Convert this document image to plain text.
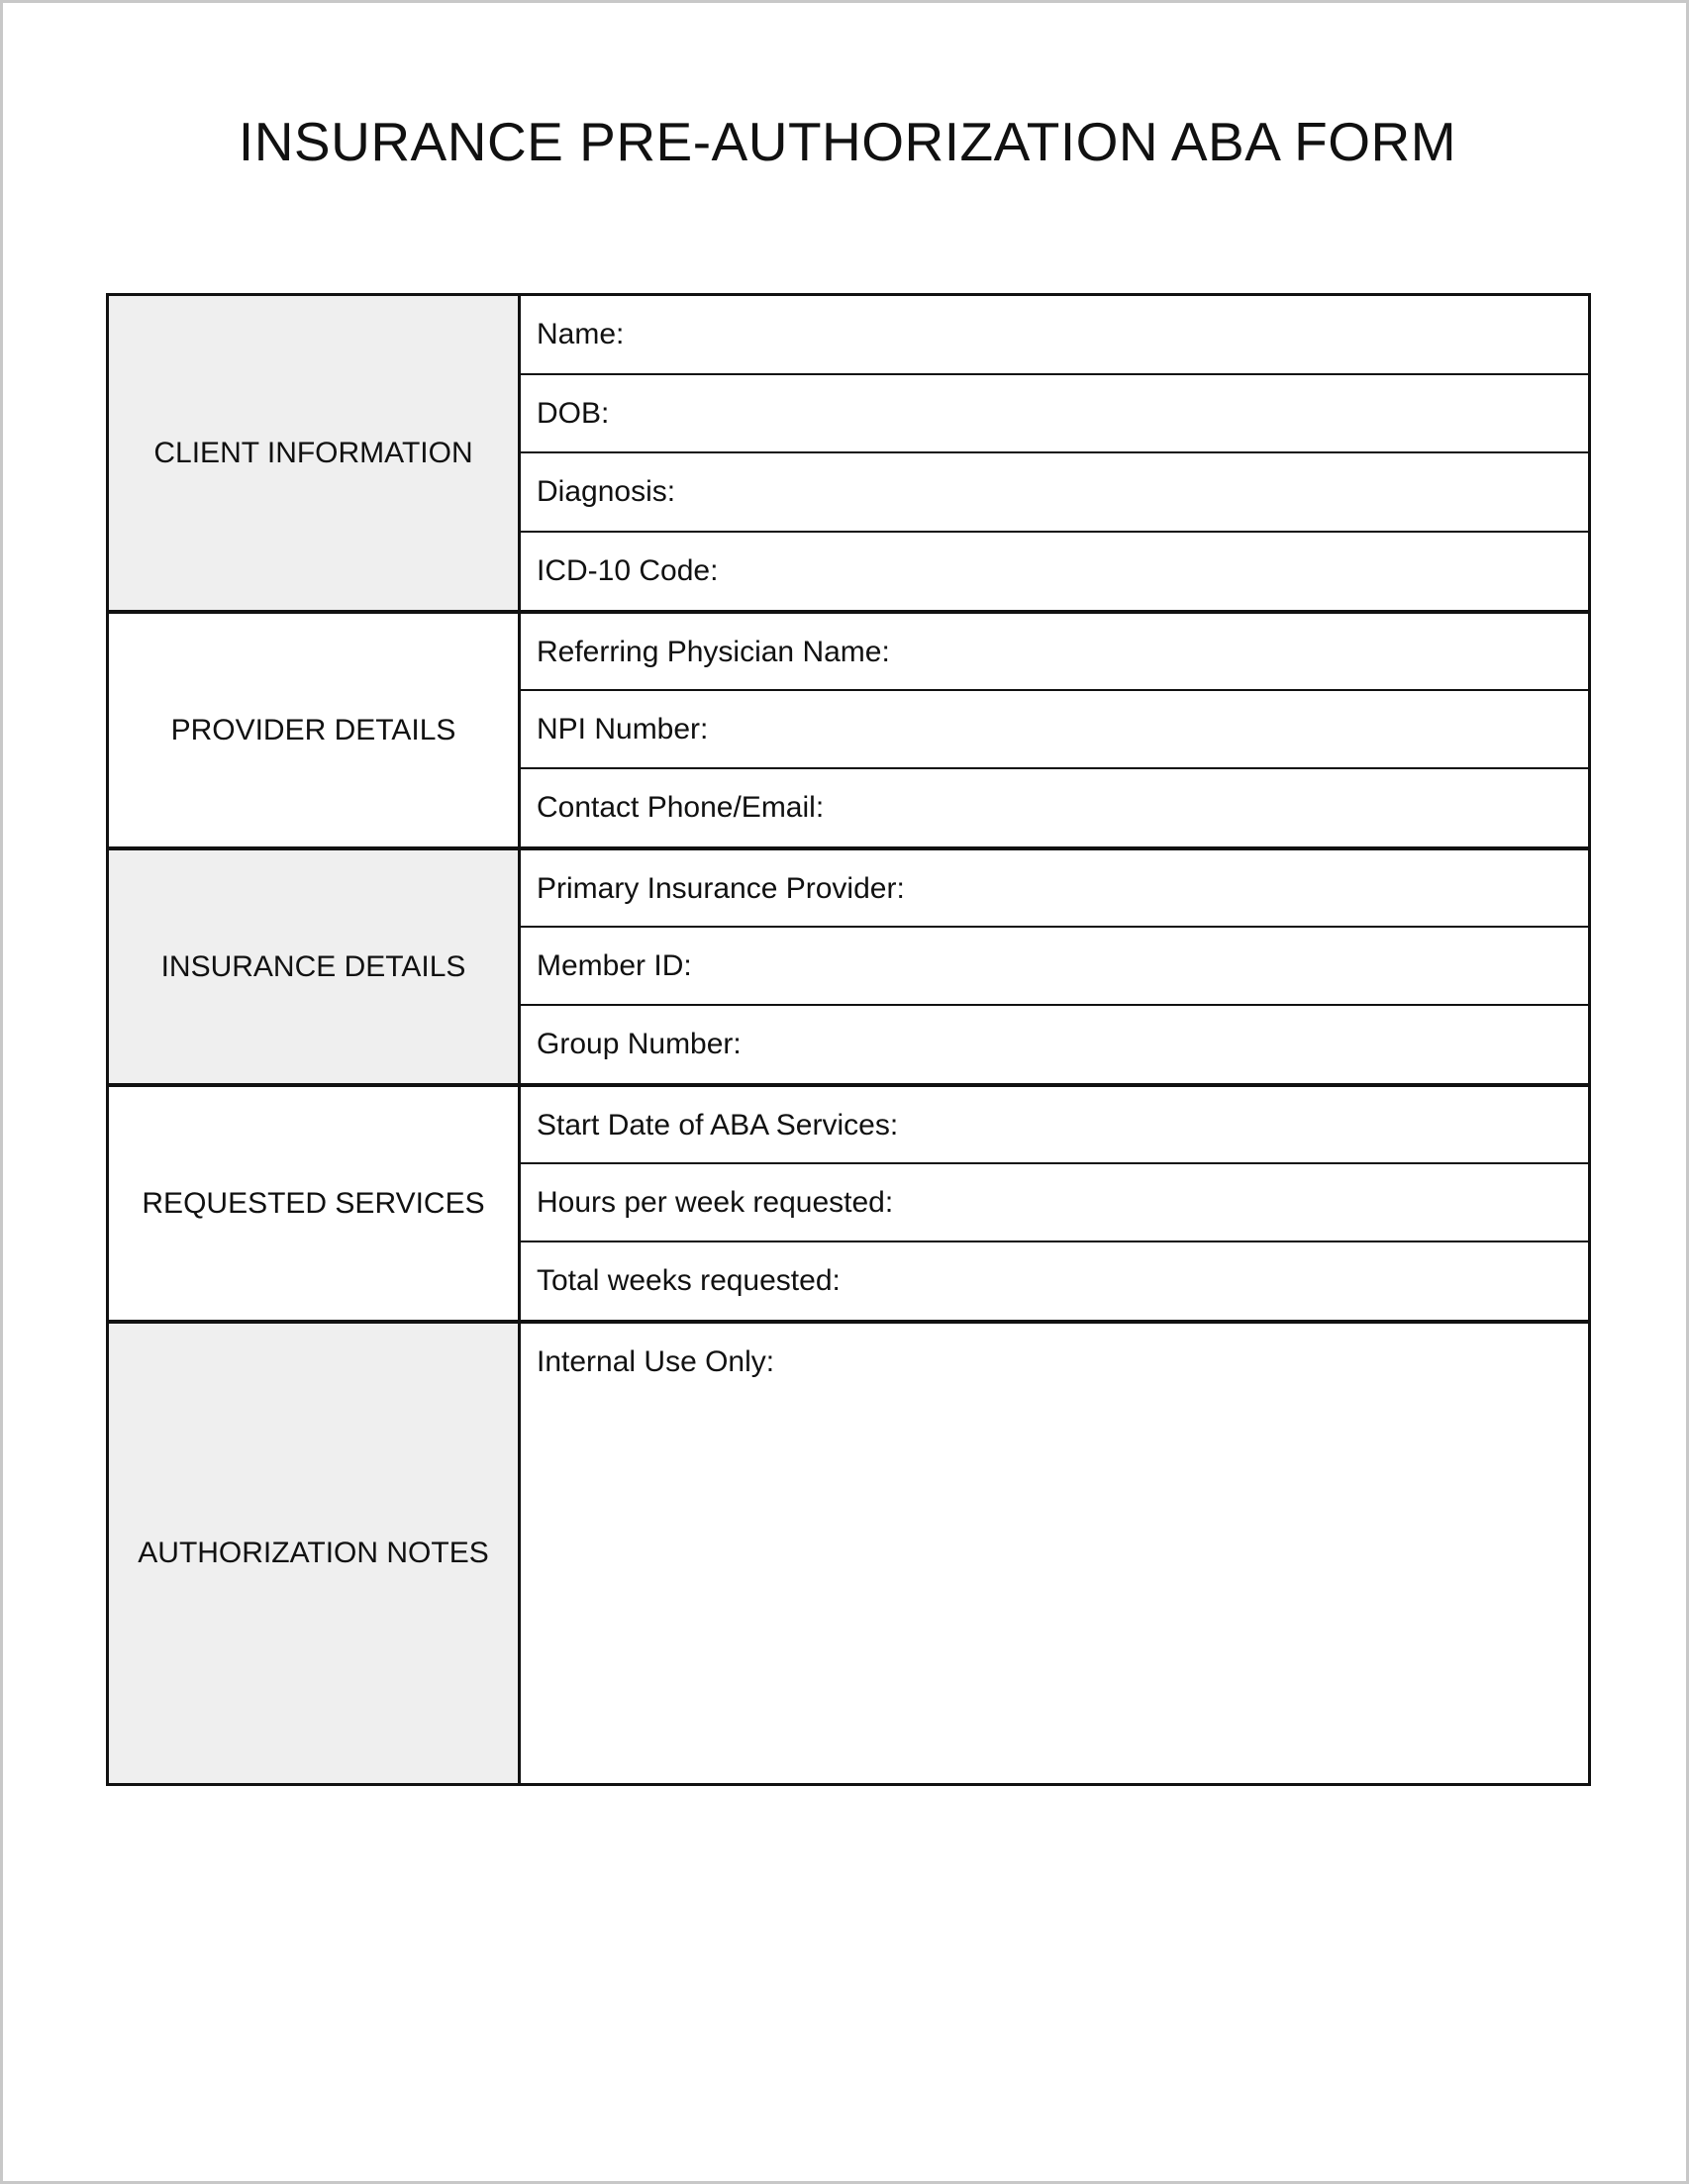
INSURANCE PRE-AUTHORIZATION ABA FORM
CLIENT INFORMATION
Name:
DOB:
Diagnosis:
ICD-10 Code:
PROVIDER DETAILS
Referring Physician Name:
NPI Number:
Contact Phone/Email:
INSURANCE DETAILS
Primary Insurance Provider:
Member ID:
Group Number:
REQUESTED SERVICES
Start Date of ABA Services:
Hours per week requested:
Total weeks requested:
AUTHORIZATION NOTES
Internal Use Only:
